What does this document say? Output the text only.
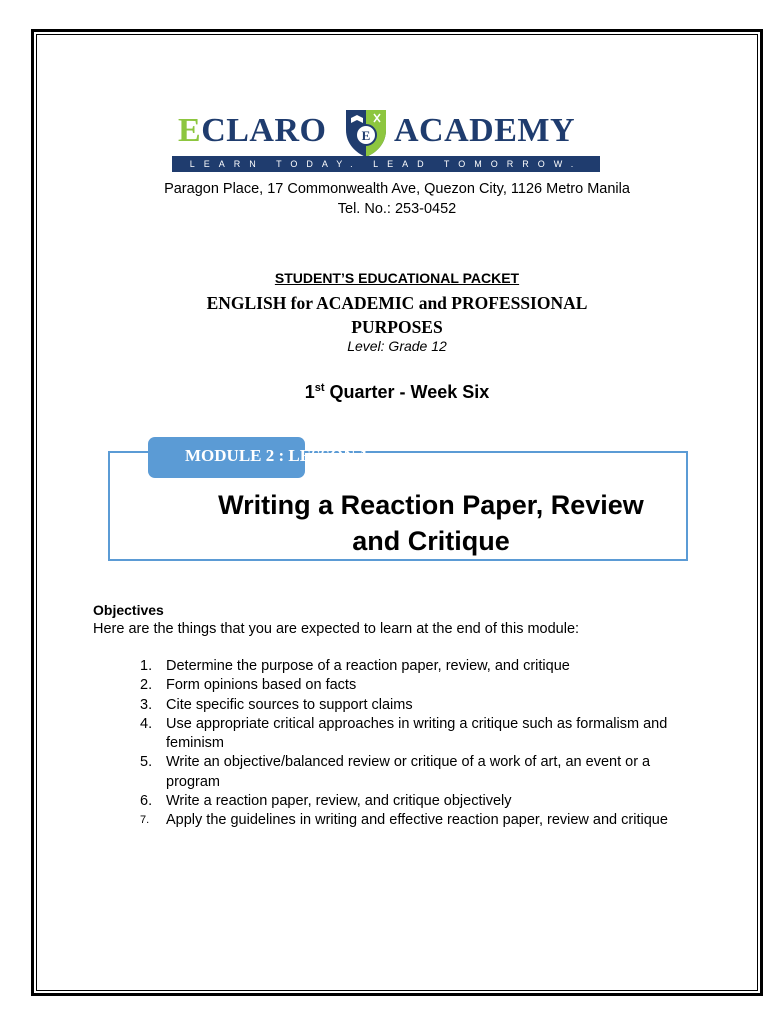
ECLARO	E ACADEMY
LEARN TODAY. LEAD TOMORROW.
Paragon Place, 17 Commonwealth Ave, Quezon City, 1126 Metro Manila
Tel. No.: 253-0452
STUDENT’S EDUCATIONAL PACKET
ENGLISH for ACADEMIC and PROFESSIONAL
PURPOSES
Level: Grade 12
1st Quarter - Week Six
MODULE 2 : LESSON 1
Writing a Reaction Paper, Review
and Critique
Objectives
Here are the things that you are expected to learn at the end of this module:
1. Determine the purpose of a reaction paper, review, and critique
2. Form opinions based on facts
3. Cite specific sources to support claims
4. Use appropriate critical approaches in writing a critique such as formalism and feminism
5. Write an objective/balanced review or critique of a work of art, an event or a program
6. Write a reaction paper, review, and critique objectively
7.	Apply the guidelines in writing and effective reaction paper, review and critique
